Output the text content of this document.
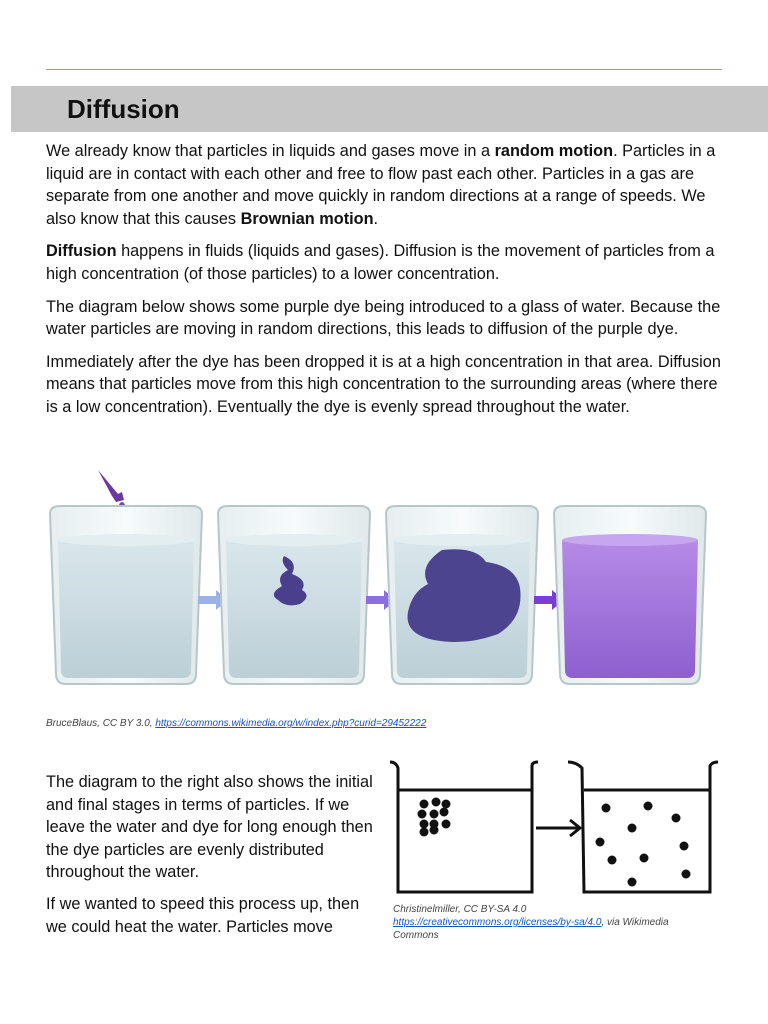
Diffusion

We already know that particles in liquids and gases move in a random motion. Particles in a liquid are in contact with each other and free to flow past each other. Particles in a gas are separate from one another and move quickly in random directions at a range of speeds. We also know that this causes Brownian motion.

Diffusion happens in fluids (liquids and gases). Diffusion is the movement of particles from a high concentration (of those particles) to a lower concentration.

The diagram below shows some purple dye being introduced to a glass of water. Because the water particles are moving in random directions, this leads to diffusion of the purple dye.

Immediately after the dye has been dropped it is at a high concentration in that area. Diffusion means that particles move from this high concentration to the surrounding areas (where there is a low concentration). Eventually the dye is evenly spread throughout the water.

BruceBlaus, CC BY 3.0, https://commons.wikimedia.org/w/index.php?curid=29452222

The diagram to the right also shows the initial and final stages in terms of particles. If we leave the water and dye for long enough then the dye particles are evenly distributed throughout the water.

If we wanted to speed this process up, then we could heat the water. Particles move

Christinelmiller, CC BY-SA 4.0
https://creativecommons.org/licenses/by-sa/4.0, via Wikimedia Commons
